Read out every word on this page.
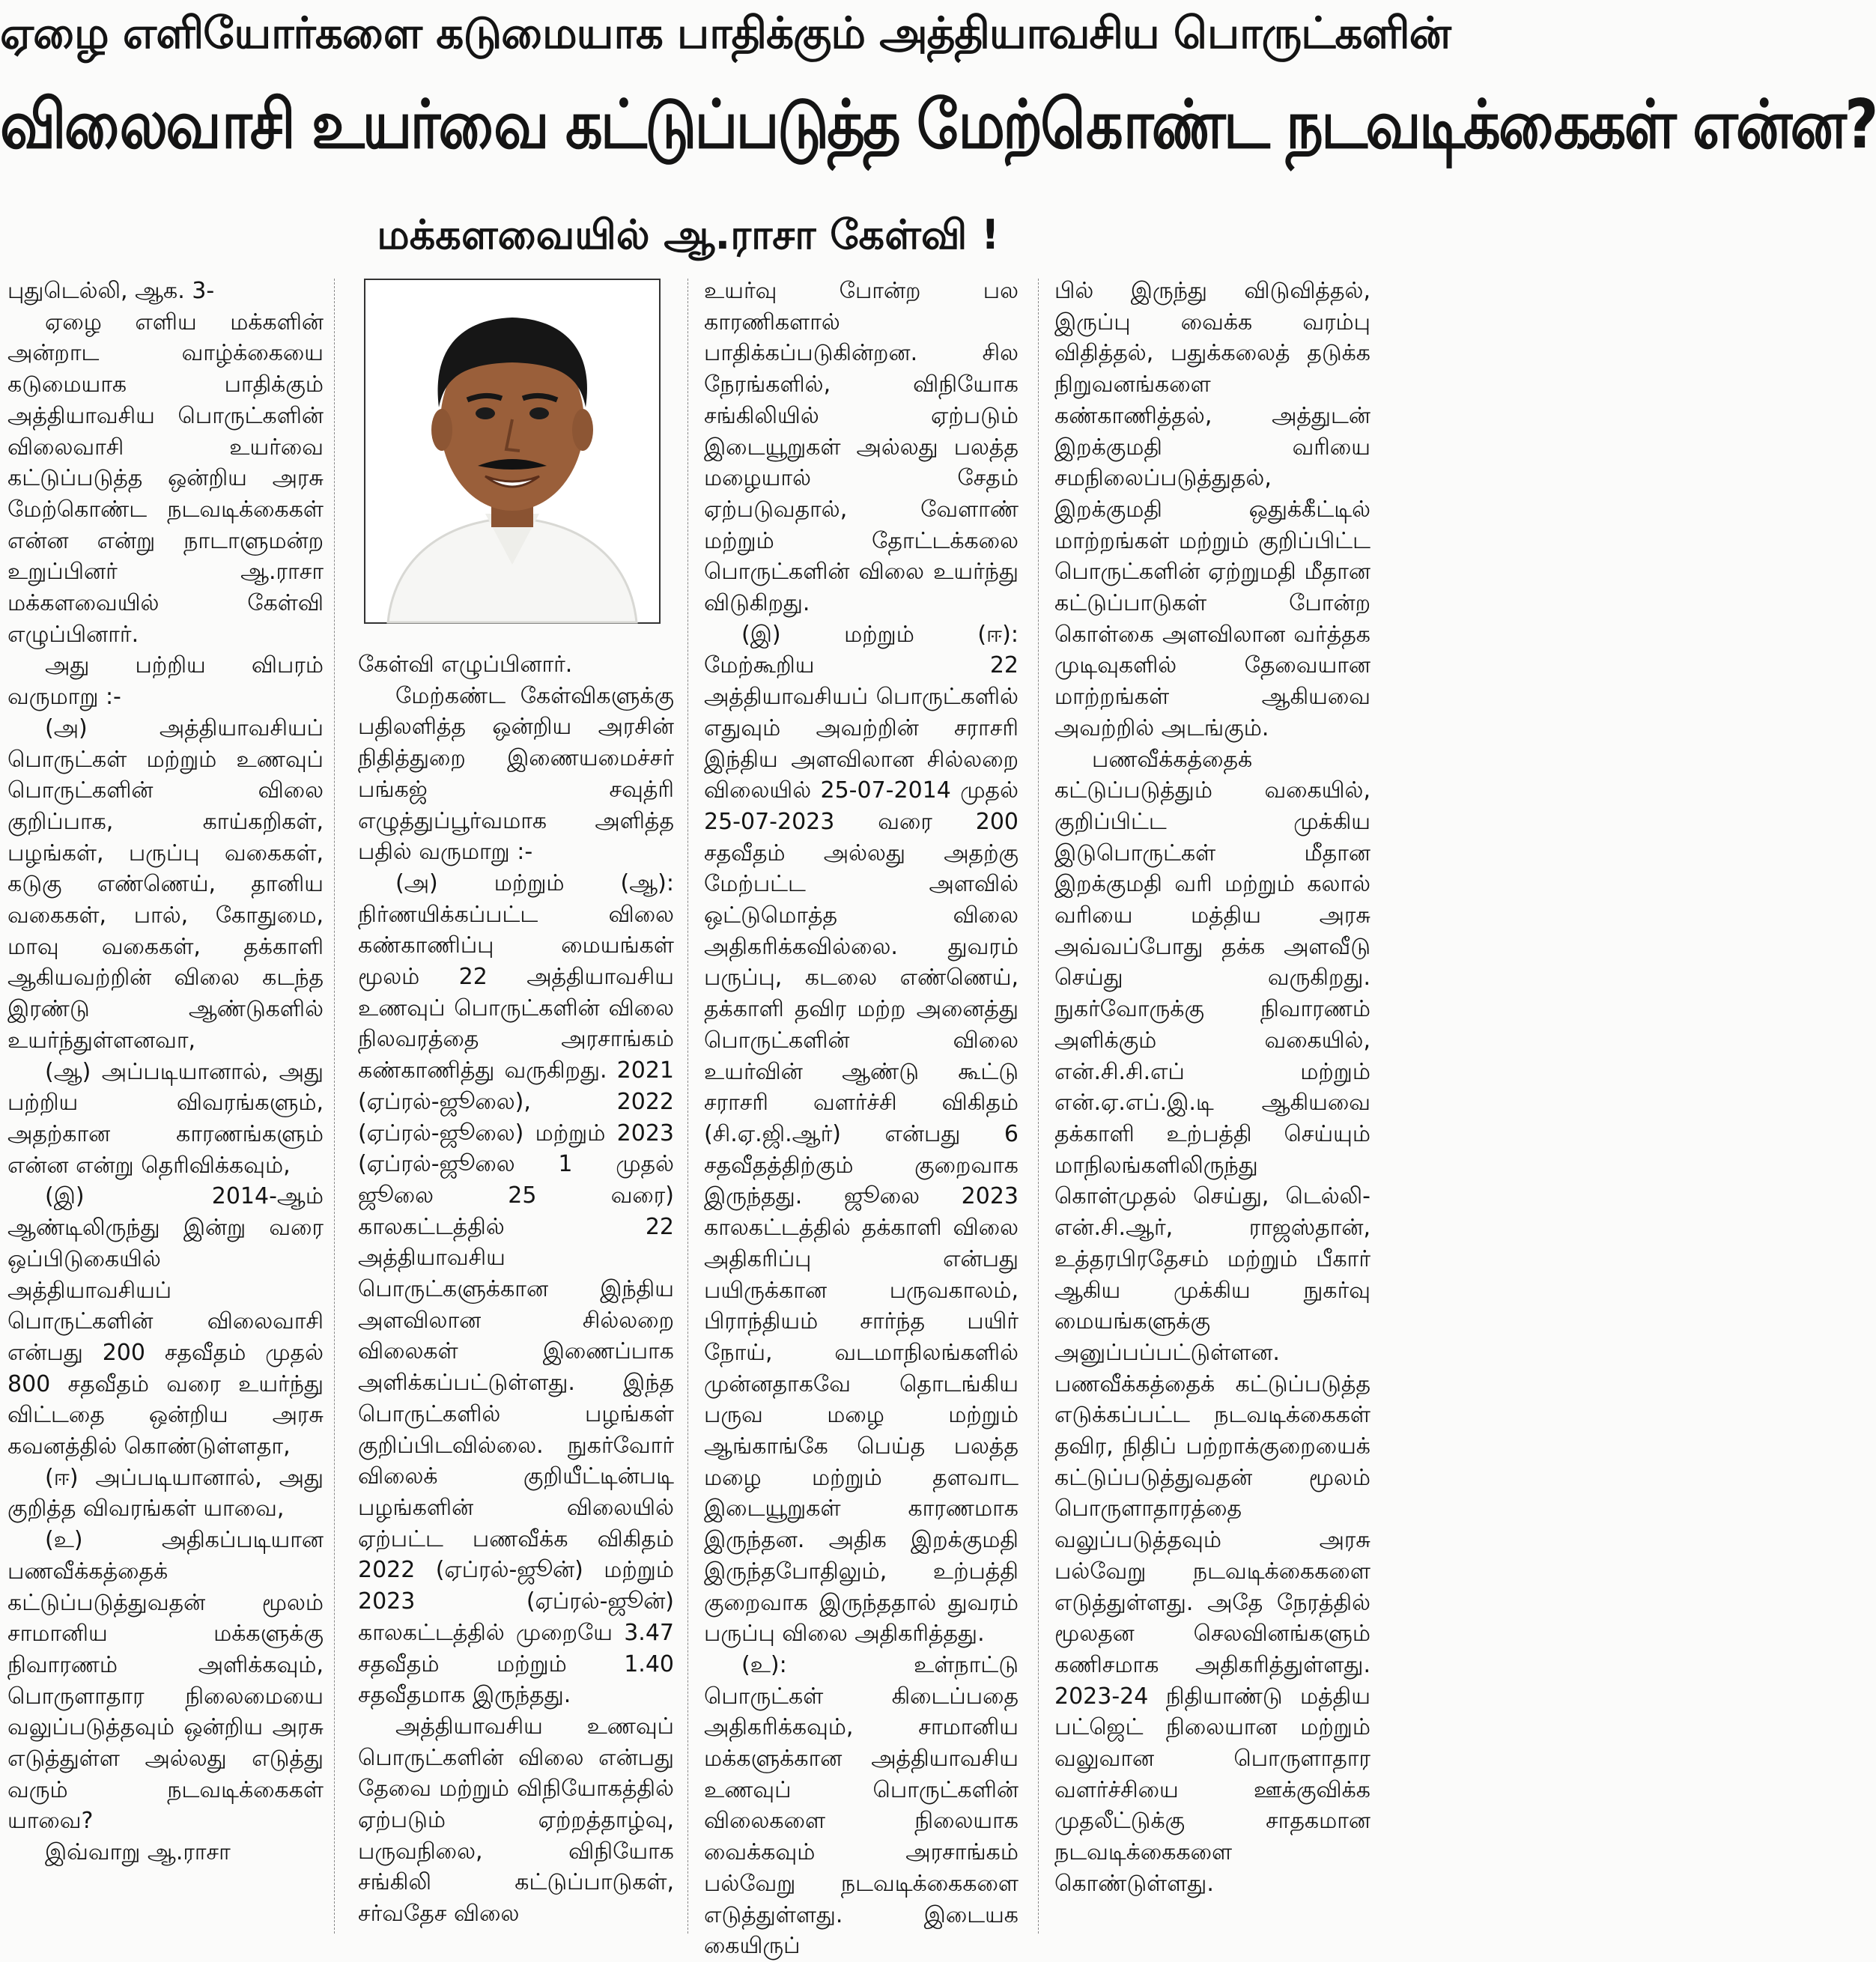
ஏழை எளியோர்களை கடுமையாக பாதிக்கும் அத்தியாவசிய பொருட்களின்
விலைவாசி உயர்வை கட்டுப்படுத்த மேற்கொண்ட நடவடிக்கைகள் என்ன?
மக்களவையில் ஆ.ராசா கேள்வி !

புதுடெல்லி, ஆக. 3-

ஏழை எளிய மக்களின் அன்றாட வாழ்க்கையை கடுமையாக பாதிக்கும் அத்தியாவசிய பொருட்களின் விலைவாசி உயர்வை கட்டுப்படுத்த ஒன்றிய அரசு மேற்கொண்ட நடவடிக்கைகள் என்ன என்று நாடாளுமன்ற உறுப்பினர் ஆ.ராசா மக்களவையில் கேள்வி எழுப்பினார்.

அது பற்றிய விபரம் வருமாறு :-

(அ) அத்தியாவசியப் பொருட்கள் மற்றும் உணவுப் பொருட்களின் விலை குறிப்பாக, காய்கறிகள், பழங்கள், பருப்பு வகைகள், கடுகு எண்ணெய், தானிய வகைகள், பால், கோதுமை, மாவு வகைகள், தக்காளி ஆகியவற்றின் விலை கடந்த இரண்டு ஆண்டுகளில் உயர்ந்துள்ளனவா,

(ஆ) அப்படியானால், அது பற்றிய விவரங்களும், அதற்கான காரணங்களும் என்ன என்று தெரிவிக்கவும்,

(இ) 2014-ஆம் ஆண்டிலிருந்து இன்று வரை ஒப்பிடுகையில் அத்தியாவசியப் பொருட்களின் விலைவாசி என்பது 200 சதவீதம் முதல் 800 சதவீதம் வரை உயர்ந்து விட்டதை ஒன்றிய அரசு கவனத்தில் கொண்டுள்ளதா,

(ஈ) அப்படியானால், அது குறித்த விவரங்கள் யாவை,

(உ) அதிகப்படியான பணவீக்கத்தைக் கட்டுப்படுத்துவதன் மூலம் சாமானிய மக்களுக்கு நிவாரணம் அளிக்கவும், பொருளாதார நிலைமையை வலுப்படுத்தவும் ஒன்றிய அரசு எடுத்துள்ள அல்லது எடுத்து வரும் நடவடிக்கைகள் யாவை?

இவ்வாறு ஆ.ராசா

கேள்வி எழுப்பினார்.

மேற்கண்ட கேள்விகளுக்கு பதிலளித்த ஒன்றிய அரசின் நிதித்துறை இணையமைச்சர் பங்கஜ் சவுத்ரி எழுத்துப்பூர்வமாக அளித்த பதில் வருமாறு :-

(அ) மற்றும் (ஆ): நிர்ணயிக்கப்பட்ட விலை கண்காணிப்பு மையங்கள் மூலம் 22 அத்தியாவசிய உணவுப் பொருட்களின் விலை நிலவரத்தை அரசாங்கம் கண்காணித்து வருகிறது. 2021 (ஏப்ரல்-ஜூலை), 2022 (ஏப்ரல்-ஜூலை) மற்றும் 2023 (ஏப்ரல்-ஜூலை 1 முதல் ஜூலை 25 வரை) காலகட்டத்தில் 22 அத்தியாவசிய பொருட்களுக்கான இந்திய அளவிலான சில்லறை விலைகள் இணைப்பாக அளிக்கப்பட்டுள்ளது. இந்த பொருட்களில் பழங்கள் குறிப்பிடவில்லை. நுகர்வோர் விலைக் குறியீட்டின்படி பழங்களின் விலையில் ஏற்பட்ட பணவீக்க விகிதம் 2022 (ஏப்ரல்-ஜூன்) மற்றும் 2023 (ஏப்ரல்-ஜூன்) காலகட்டத்தில் முறையே 3.47 சதவீதம் மற்றும் 1.40 சதவீதமாக இருந்தது.

அத்தியாவசிய உணவுப் பொருட்களின் விலை என்பது தேவை மற்றும் விநியோகத்தில் ஏற்படும் ஏற்றத்தாழ்வு, பருவநிலை, விநியோக சங்கிலி கட்டுப்பாடுகள், சர்வதேச விலை

உயர்வு போன்ற பல காரணிகளால் பாதிக்கப்படுகின்றன. சில நேரங்களில், விநியோக சங்கிலியில் ஏற்படும் இடையூறுகள் அல்லது பலத்த மழையால் சேதம் ஏற்படுவதால், வேளாண் மற்றும் தோட்டக்கலை பொருட்களின் விலை உயர்ந்து விடுகிறது.

(இ) மற்றும் (ஈ): மேற்கூறிய 22 அத்தியாவசியப் பொருட்களில் எதுவும் அவற்றின் சராசரி இந்திய அளவிலான சில்லறை விலையில் 25-07-2014 முதல் 25-07-2023 வரை 200 சதவீதம் அல்லது அதற்கு மேற்பட்ட அளவில் ஒட்டுமொத்த விலை அதிகரிக்கவில்லை. துவரம் பருப்பு, கடலை எண்ணெய், தக்காளி தவிர மற்ற அனைத்து பொருட்களின் விலை உயர்வின் ஆண்டு கூட்டு சராசரி வளர்ச்சி விகிதம் (சி.ஏ.ஜி.ஆர்) என்பது 6 சதவீதத்திற்கும் குறைவாக இருந்தது. ஜூலை 2023 காலகட்டத்தில் தக்காளி விலை அதிகரிப்பு என்பது பயிருக்கான பருவகாலம், பிராந்தியம் சார்ந்த பயிர் நோய், வடமாநிலங்களில் முன்னதாகவே தொடங்கிய பருவ மழை மற்றும் ஆங்காங்கே பெய்த பலத்த மழை மற்றும் தளவாட இடையூறுகள் காரணமாக இருந்தன. அதிக இறக்குமதி இருந்தபோதிலும், உற்பத்தி குறைவாக இருந்ததால் துவரம் பருப்பு விலை அதிகரித்தது.

(உ): உள்நாட்டு பொருட்கள் கிடைப்பதை அதிகரிக்கவும், சாமானிய மக்களுக்கான அத்தியாவசிய உணவுப் பொருட்களின் விலைகளை நிலையாக வைக்கவும் அரசாங்கம் பல்வேறு நடவடிக்கைகளை எடுத்துள்ளது. இடையக கையிருப்

பில் இருந்து விடுவித்தல், இருப்பு வைக்க வரம்பு விதித்தல், பதுக்கலைத் தடுக்க நிறுவனங்களை கண்காணித்தல், அத்துடன் இறக்குமதி வரியை சமநிலைப்படுத்துதல், இறக்குமதி ஒதுக்கீட்டில் மாற்றங்கள் மற்றும் குறிப்பிட்ட பொருட்களின் ஏற்றுமதி மீதான கட்டுப்பாடுகள் போன்ற கொள்கை அளவிலான வர்த்தக முடிவுகளில் தேவையான மாற்றங்கள் ஆகியவை அவற்றில் அடங்கும்.

பணவீக்கத்தைக் கட்டுப்படுத்தும் வகையில், குறிப்பிட்ட முக்கிய இடுபொருட்கள் மீதான இறக்குமதி வரி மற்றும் கலால் வரியை மத்திய அரசு அவ்வப்போது தக்க அளவீடு செய்து வருகிறது. நுகர்வோருக்கு நிவாரணம் அளிக்கும் வகையில், என்.சி.சி.எப் மற்றும் என்.ஏ.எப்.இ.டி ஆகியவை தக்காளி உற்பத்தி செய்யும் மாநிலங்களிலிருந்து கொள்முதல் செய்து, டெல்லி-என்.சி.ஆர், ராஜஸ்தான், உத்தரபிரதேசம் மற்றும் பீகார் ஆகிய முக்கிய நுகர்வு மையங்களுக்கு அனுப்பப்பட்டுள்ளன. பணவீக்கத்தைக் கட்டுப்படுத்த எடுக்கப்பட்ட நடவடிக்கைகள் தவிர, நிதிப் பற்றாக்குறையைக் கட்டுப்படுத்துவதன் மூலம் பொருளாதாரத்தை வலுப்படுத்தவும் அரசு பல்வேறு நடவடிக்கைகளை எடுத்துள்ளது. அதே நேரத்தில் மூலதன செலவினங்களும் கணிசமாக அதிகரித்துள்ளது. 2023-24 நிதியாண்டு மத்திய பட்ஜெட் நிலையான மற்றும் வலுவான பொருளாதார வளர்ச்சியை ஊக்குவிக்க முதலீட்டுக்கு சாதகமான நடவடிக்கைகளை கொண்டுள்ளது.
